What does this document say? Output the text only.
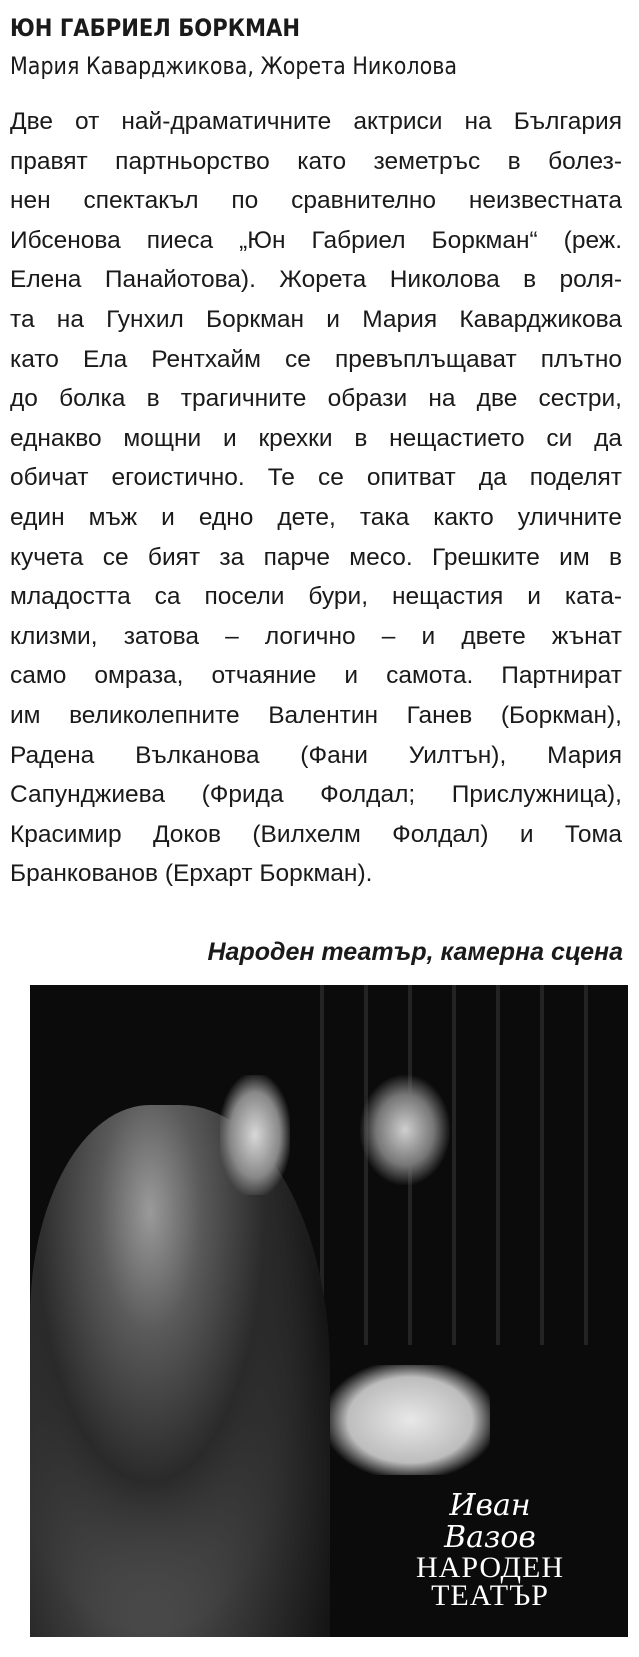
ЮН ГАБРИЕЛ БОРКМАН
Мария Каварджикова, Жорета Николова
Две от най-драматичните актриси на България
правят партньорство като земетръс в болез-
нен спектакъл по сравнително неизвестната
Ибсенова пиеса „Юн Габриел Боркман“ (реж.
Елена Панайотова). Жорета Николова в роля-
та на Гунхил Боркман и Мария Каварджикова
като Ела Рентхайм се превъплъщават плътно
до болка в трагичните образи на две сестри,
еднакво мощни и крехки в нещастието си да
обичат егоистично. Те се опитват да поделят
един мъж и едно дете, така както уличните
кучета се бият за парче месо. Грешките им в
младостта са посели бури, нещастия и ката-
клизми, затова – логично – и двете жънат
само омраза, отчаяние и самота. Партнират
им великолепните Валентин Ганев (Боркман),
Радена Вълканова (Фани Уилтън), Мария
Сапунджиева (Фрида Фолдал; Прислужница),
Красимир Доков (Вилхелм Фолдал) и Тома
Бранкованов (Ерхарт Боркман).
Народен театър, камерна сцена
Иван Вазов
НАРОДЕН
ТЕАТЪР
